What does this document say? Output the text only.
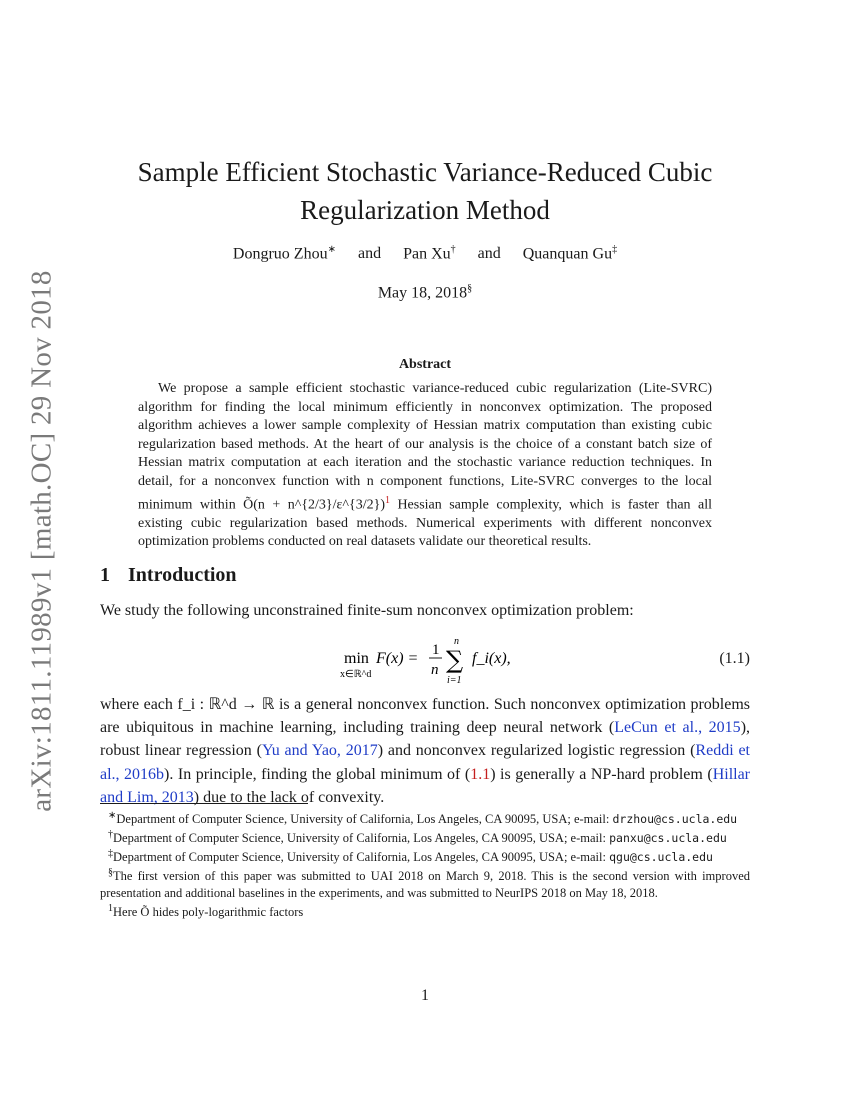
arXiv:1811.11989v1 [math.OC] 29 Nov 2018
Sample Efficient Stochastic Variance-Reduced Cubic
Regularization Method
Dongruo Zhou∗ and Pan Xu† and Quanquan Gu‡
May 18, 2018§
Abstract
We propose a sample efficient stochastic variance-reduced cubic regularization (Lite-SVRC) algorithm for finding the local minimum efficiently in nonconvex optimization. The proposed algorithm achieves a lower sample complexity of Hessian matrix computation than existing cubic regularization based methods. At the heart of our analysis is the choice of a constant batch size of Hessian matrix computation at each iteration and the stochastic variance reduction techniques. In detail, for a nonconvex function with n component functions, Lite-SVRC converges to the local minimum within Õ(n + n^{2/3}/ε^{3/2})$^1$ Hessian sample complexity, which is faster than all existing cubic regularization based methods. Numerical experiments with different nonconvex optimization problems conducted on real datasets validate our theoretical results.
1 Introduction
We study the following unconstrained finite-sum nonconvex optimization problem:
min
x∈ℝ^d
F(x) = 1
n
n
∑
i=1
f_i(x),	(1.1)
where each f_i : ℝ^d → ℝ is a general nonconvex function. Such nonconvex optimization problems are ubiquitous in machine learning, including training deep neural network (LeCun et al., 2015), robust linear regression (Yu and Yao, 2017) and nonconvex regularized logistic regression (Reddi et al., 2016b). In principle, finding the global minimum of (1.1) is generally a NP-hard problem (Hillar and Lim, 2013) due to the lack of convexity.
∗Department of Computer Science, University of California, Los Angeles, CA 90095, USA; e-mail: drzhou@cs.ucla.edu
†Department of Computer Science, University of California, Los Angeles, CA 90095, USA; e-mail: panxu@cs.ucla.edu
‡Department of Computer Science, University of California, Los Angeles, CA 90095, USA; e-mail: qgu@cs.ucla.edu
§The first version of this paper was submitted to UAI 2018 on March 9, 2018. This is the second version with improved presentation and additional baselines in the experiments, and was submitted to NeurIPS 2018 on May 18, 2018.
$^1$Here Õ hides poly-logarithmic factors
1
